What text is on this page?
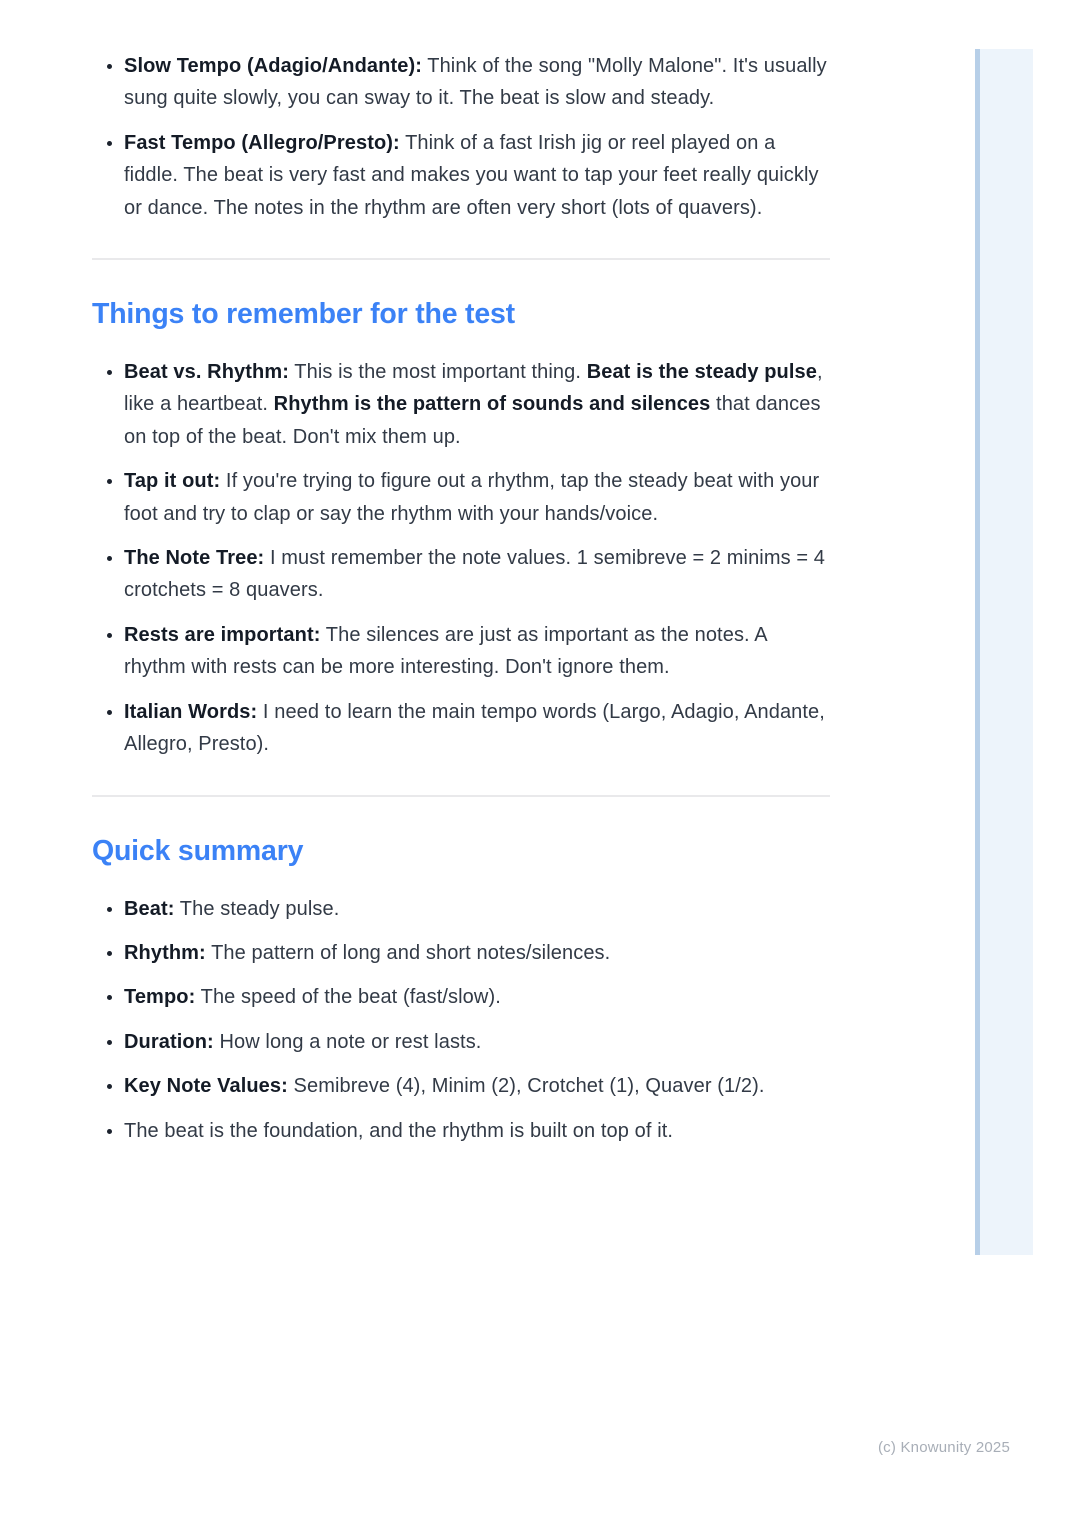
• Slow Tempo (Adagio/Andante): Think of the song "Molly Malone". It's usually sung quite slowly, you can sway to it. The beat is slow and steady.
• Fast Tempo (Allegro/Presto): Think of a fast Irish jig or reel played on a fiddle. The beat is very fast and makes you want to tap your feet really quickly or dance. The notes in the rhythm are often very short (lots of quavers).
Things to remember for the test
• Beat vs. Rhythm: This is the most important thing. Beat is the steady pulse, like a heartbeat. Rhythm is the pattern of sounds and silences that dances on top of the beat. Don't mix them up.
• Tap it out: If you're trying to figure out a rhythm, tap the steady beat with your foot and try to clap or say the rhythm with your hands/voice.
• The Note Tree: I must remember the note values. 1 semibreve = 2 minims = 4 crotchets = 8 quavers.
• Rests are important: The silences are just as important as the notes. A rhythm with rests can be more interesting. Don't ignore them.
• Italian Words: I need to learn the main tempo words (Largo, Adagio, Andante, Allegro, Presto).
Quick summary
• Beat: The steady pulse.
• Rhythm: The pattern of long and short notes/silences.
• Tempo: The speed of the beat (fast/slow).
• Duration: How long a note or rest lasts.
• Key Note Values: Semibreve (4), Minim (2), Crotchet (1), Quaver (1/2).
• The beat is the foundation, and the rhythm is built on top of it.
(c) Knowunity 2025
